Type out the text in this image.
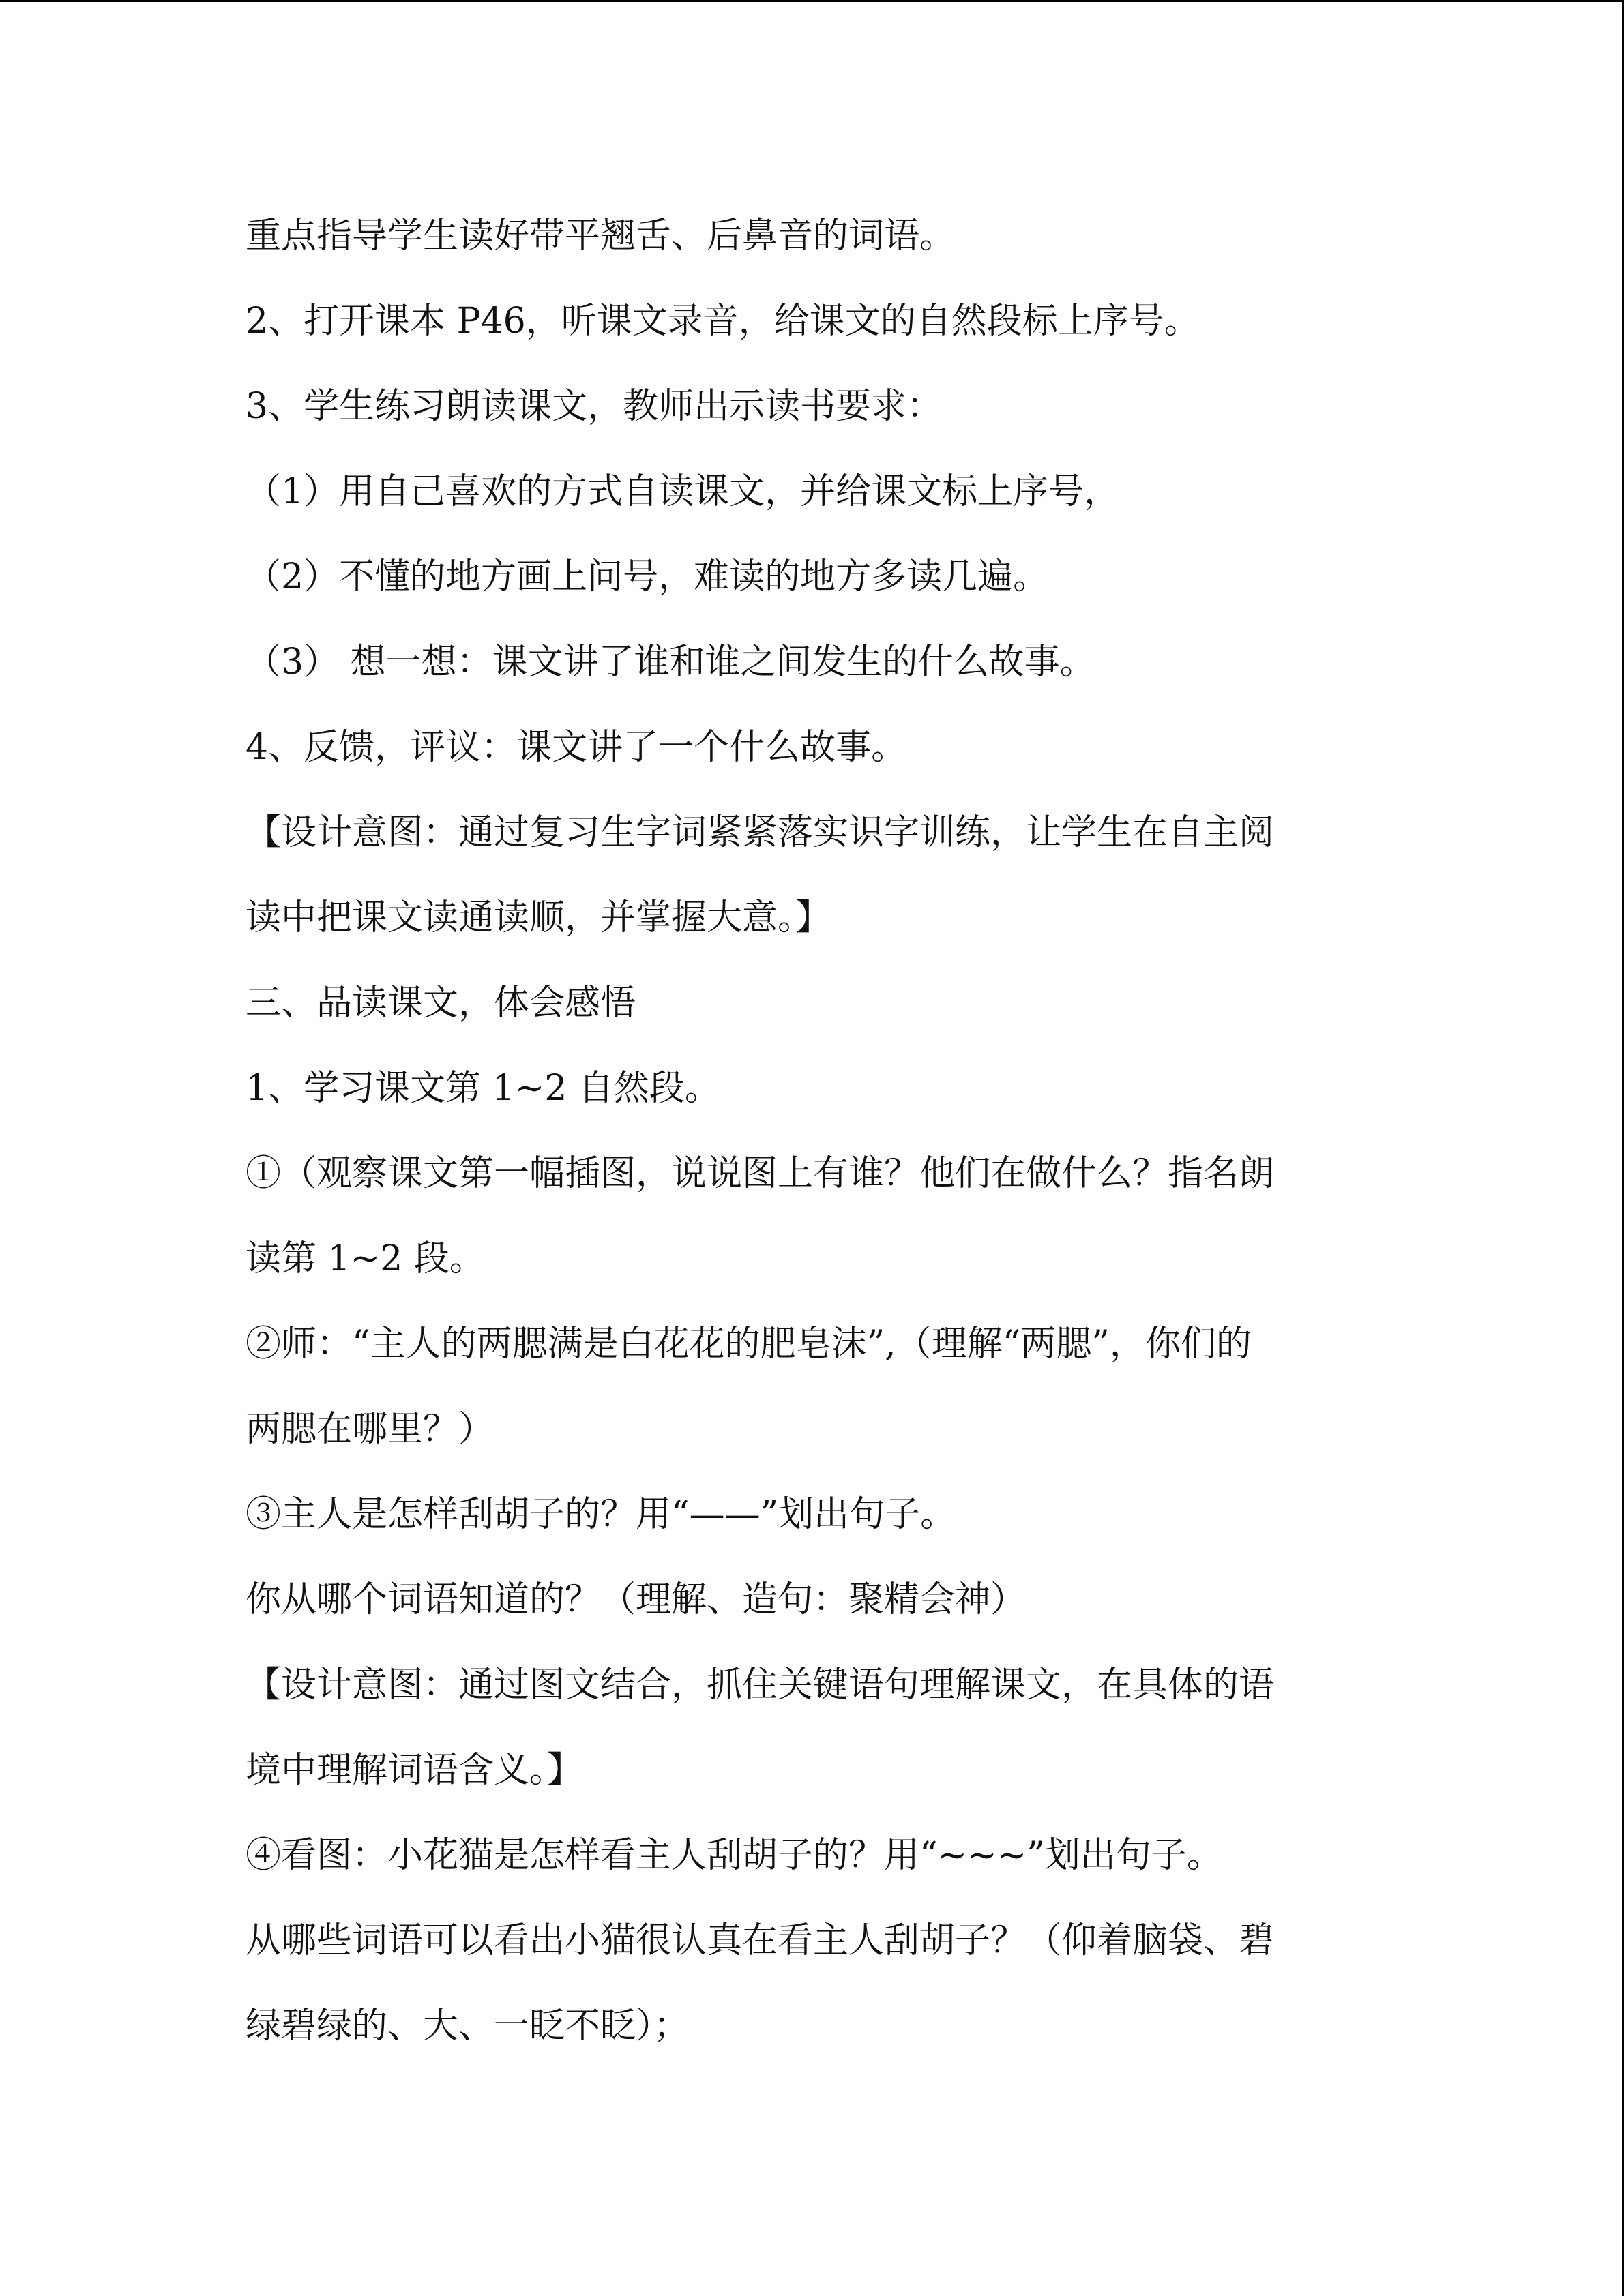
重点指导学生读好带平翘舌、后鼻音的词语。
2、打开课本 P46，听课文录音，给课文的自然段标上序号。
3、学生练习朗读课文，教师出示读书要求：
（1）用自己喜欢的方式自读课文，并给课文标上序号，
（2）不懂的地方画上问号，难读的地方多读几遍。
（3） 想一想：课文讲了谁和谁之间发生的什么故事。
4、反馈，评议：课文讲了一个什么故事。
【设计意图：通过复习生字词紧紧落实识字训练，让学生在自主阅
读中把课文读通读顺，并掌握大意。】
三、品读课文，体会感悟
1、学习课文第 1~2 自然段。
①（观察课文第一幅插图，说说图上有谁？他们在做什么？指名朗
读第 1~2 段。
②师：“主人的两腮满是白花花的肥皂沫”,（理解“两腮”，你们的
两腮在哪里？）
③主人是怎样刮胡子的？用“——”划出句子。
你从哪个词语知道的？（理解、造句：聚精会神）
【设计意图：通过图文结合，抓住关键语句理解课文，在具体的语
境中理解词语含义。】
④看图：小花猫是怎样看主人刮胡子的？用“~~~”划出句子。
从哪些词语可以看出小猫很认真在看主人刮胡子？（仰着脑袋、碧
绿碧绿的、大、一眨不眨）；
